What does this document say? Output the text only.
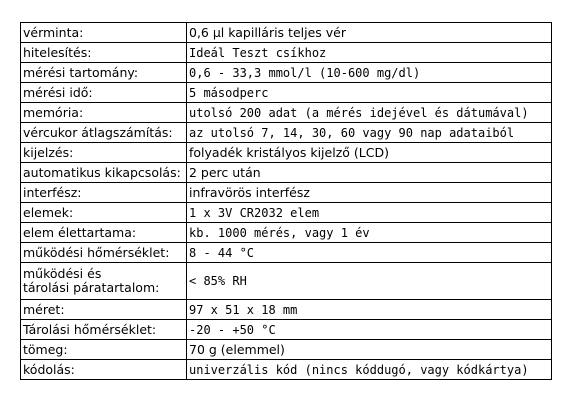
vérminta:	0,6 µl kapilláris teljes vér
hitelesítés:	Ideál Teszt csíkhoz
mérési tartomány:	0,6 - 33,3 mmol/l (10-600 mg/dl)
mérési idő:	5 másodperc
memória:	utolsó 200 adat (a mérés idejével és dátumával)
vércukor átlagszámítás:	az utolsó 7, 14, 30, 60 vagy 90 nap adataiból
kijelzés:	folyadék kristályos kijelző (LCD)
automatikus kikapcsolás:	2 perc után
interfész:	infravörös interfész
elemek:	1 x 3V CR2032 elem
elem élettartama:	kb. 1000 mérés, vagy 1 év
működési hőmérséklet:	8 - 44 °C

működési és
tárolási páratartalom:	< 85% RH
méret:	97 x 51 x 18 mm
Tárolási hőmérséklet:	-20 - +50 °C
tömeg:	70 g (elemmel)
kódolás:	univerzális kód (nincs kóddugó, vagy kódkártya)
